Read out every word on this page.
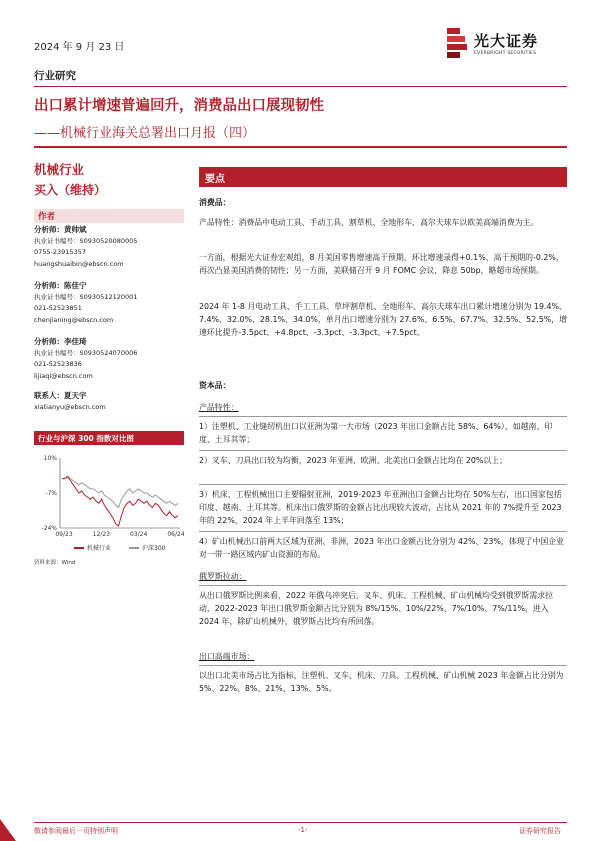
2024 年 9 月 23 日	光大证券
EVERBRIGHT SECURITIES
行业研究
出口累计增速普遍回升，消费品出口展现韧性
——机械行业海关总署出口月报（四）
机械行业
买入（维持）
作者
分析师：黄帅斌
执业证书编号：S0930520080005
0755-23915357
huangshuaibin@ebscn.com
分析师：陈佳宁
执业证书编号：S0930512120001
021-52523851
chenjianing@ebscn.com
分析师：李佳琦
执业证书编号：S0930524070006
021-52523836
lijiaqi@ebscn.com
联系人：夏天宇
xiatianyu@ebscn.com
行业与沪深 300 指数对比图
10%
-7%
-24%
09/23	12/23	03/24	06/24
机械行业	沪深300
资料来源：Wind
要点
消费品：
产品特性：消费品中电动工具、手动工具、割草机、全地形车、高尔夫球车以欧美高端消费为主。
一方面，根据光大证券宏观组，8 月美国零售增速高于预期，环比增速录得+0.1%，高于预期的-0.2%，再次凸显美国消费的韧性；另一方面，美联储召开 9 月 FOMC 会议，降息 50bp，略超市场预期。
2024 年 1-8 月电动工具、手工工具、草坪割草机、全地形车、高尔夫球车出口累计增速分别为 19.4%、7.4%、32.0%、28.1%、34.0%，单月出口增速分别为 27.6%、6.5%、67.7%、32.5%、52.5%，增速环比提升-3.5pct、+4.8pct、-3.3pct、-3.3pct、+7.5pct。
资本品：
产品特性：
1）注塑机、工业缝纫机出口以亚洲为第一大市场（2023 年出口金额占比 58%、64%），如越南、印度、土耳其等；
2）叉车、刀具出口较为均衡，2023 年亚洲、欧洲、北美出口金额占比均在 20%以上；
3）机床、工程机械出口主要辐射亚洲，2019-2023 年亚洲出口金额占比均在 50%左右，出口国家包括印度、越南、土耳其等。机床出口俄罗斯的金额占比出现较大波动，占比从 2021 年的 7%提升至 2023 年的 22%，2024 年上半年回落至 13%；
4）矿山机械出口前两大区域为亚洲、非洲，2023 年出口金额占比分别为 42%、23%，体现了中国企业对一带一路区域内矿山资源的布局。
俄罗斯拉动：
从出口俄罗斯比例来看，2022 年俄乌冲突后，叉车、机床、工程机械、矿山机械均受到俄罗斯需求拉动，2022-2023 年出口俄罗斯金额占比分别为 8%/15%、10%/22%、7%/10%、7%/11%，进入 2024 年，除矿山机械外，俄罗斯占比均有所回落。
出口高端市场：
以出口北美市场占比为指标，注塑机、叉车、机床、刀具、工程机械、矿山机械 2023 年金额占比分别为 5%、22%、8%、21%、13%、5%。
敬请参阅最后一页特别声明	-1-	证券研究报告
